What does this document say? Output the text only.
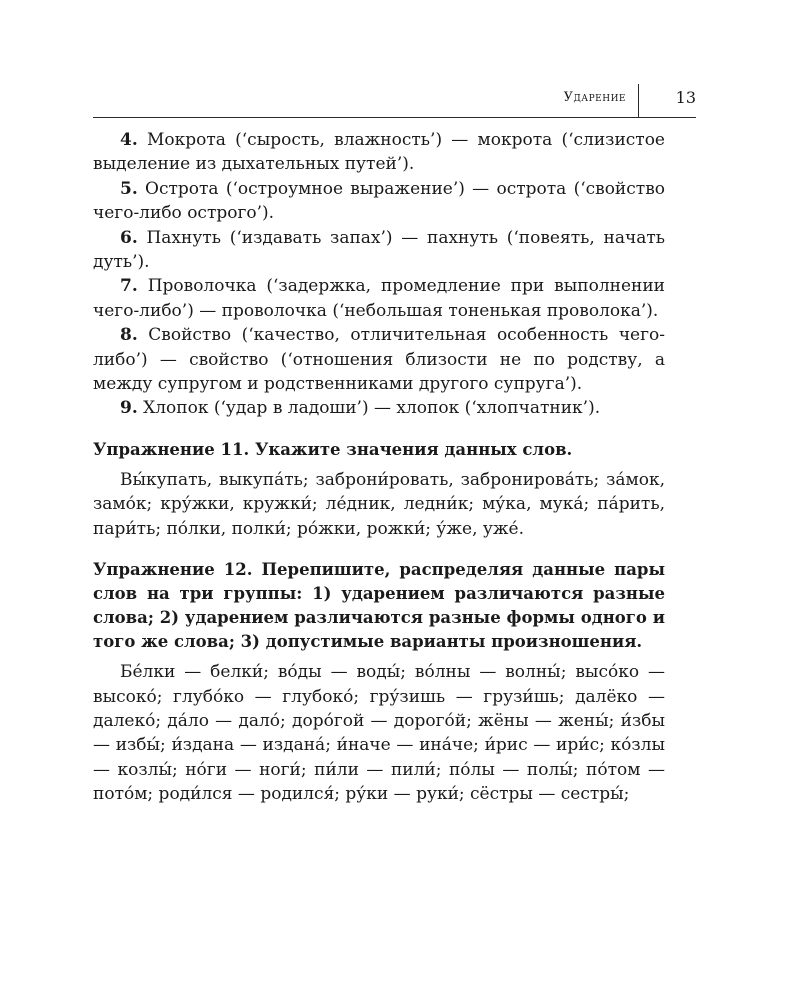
Ударение	13

4. Мокрота (‘сырость, влажность’) — мокрота (‘слизистое выделение из дыхательных путей’).

5. Острота (‘остроумное выражение’) — острота (‘свойство чего-либо острого’).

6. Пахнуть (‘издавать запах’) — пахнуть (‘повеять, начать дуть’).

7. Проволочка (‘задержка, промедление при выполнении чего-либо’) — проволочка (‘небольшая тоненькая проволока’).

8. Свойство (‘качество, отличительная особенность чего-либо’) — свойство (‘отношения близости не по родству, а между супругом и родственниками другого супруга’).

9. Хлопок (‘удар в ладоши’) — хлопок (‘хлопчатник’).

Упражнение 11. Укажите значения данных слов.

Вы́купать, выкупа́ть; заброни́ровать, забронирова́ть; за́мок, замо́к; кру́жки, кружки́; ле́дник, ледни́к; му́ка, мука́; па́рить, пари́ть; по́лки, полки́; ро́жки, рожки́; у́же, уже́.

Упражнение 12. Перепишите, распределяя данные пары слов на три группы: 1) ударением различаются разные слова; 2) ударением различаются разные формы одного и того же слова; 3) допустимые варианты произношения.

Бе́лки — белки́; во́ды — воды́; во́лны — волны́; высо́ко — высоко́; глубо́ко — глубоко́; гру́зишь — грузи́шь; далёко — далеко́; да́ло — дало́; доро́гой — дорого́й; жёны — жены́; и́збы — избы́; и́здана — издана́; и́наче — ина́че; и́рис — ири́с; ко́злы — козлы́; но́ги — ноги́; пи́ли — пили́; по́лы — полы́; по́том — пото́м; роди́лся — родился́; ру́ки — руки́; сёстры — сестры́;
